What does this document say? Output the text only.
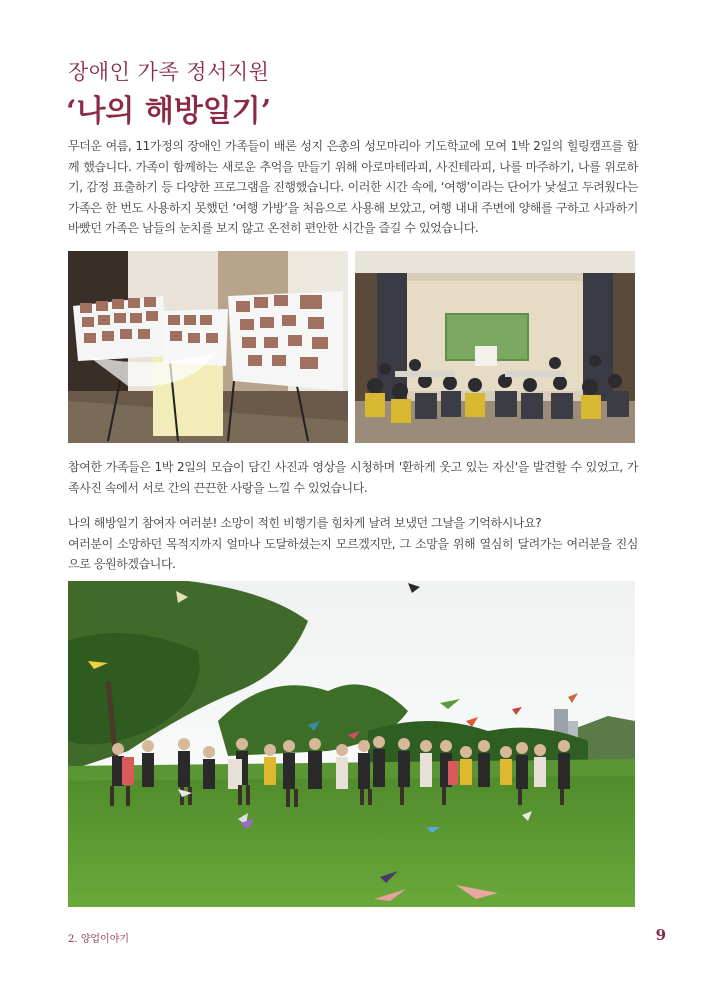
장애인 가족 정서지원
‘나의 해방일기’

무더운 여름, 11가정의 장애인 가족들이 배론 성지 은총의 성모마리아 기도학교에 모여 1박 2일의 힐링캠프를 함께 했습니다. 가족이 함께하는 새로운 추억을 만들기 위해 아로마테라피, 사진테라피, 나를 마주하기, 나를 위로하기, 감정 표출하기 등 다양한 프로그램을 진행했습니다. 이러한 시간 속에, ‘여행’이라는 단어가 낯설고 두려웠다는 가족은 한 번도 사용하지 못했던 ‘여행 가방’을 처음으로 사용해 보았고, 여행 내내 주변에 양해를 구하고 사과하기 바빴던 가족은 남들의 눈치를 보지 않고 온전히 편안한 시간을 즐길 수 있었습니다.

참여한 가족들은 1박 2일의 모습이 담긴 사진과 영상을 시청하며 '환하게 웃고 있는 자신'을 발견할 수 있었고, 가족사진 속에서 서로 간의 끈끈한 사랑을 느낄 수 있었습니다.

나의 해방일기 참여자 여러분! 소망이 적힌 비행기를 힘차게 날려 보냈던 그날을 기억하시나요?

여러분이 소망하던 목적지까지 얼마나 도달하셨는지 모르겠지만, 그 소망을 위해 열심히 달려가는 여러분을 진심으로 응원하겠습니다.

2. 양업이야기	9
